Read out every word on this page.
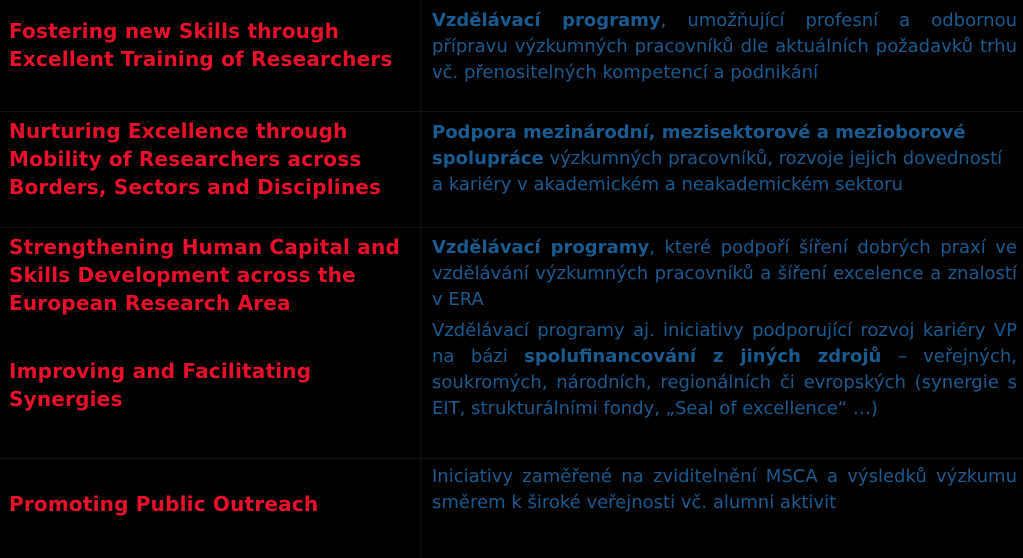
Fostering new Skills through Excellent Training of Researchers

Nurturing Excellence through Mobility of Researchers across Borders, Sectors and Disciplines

Strengthening Human Capital and Skills Development across the European Research Area

Improving and Facilitating Synergies

Promoting Public Outreach

Vzdělávací programy, umožňující profesní a odbornou přípravu výzkumných pracovníků dle aktuálních požadavků trhu vč. přenositelných kompetencí a podnikání

Podpora mezinárodní, mezisektorové a mezioborové spolupráce výzkumných pracovníků, rozvoje jejich dovedností a kariéry v akademickém a neakademickém sektoru

Vzdělávací programy, které podpoří šíření dobrých praxí ve vzdělávání výzkumných pracovníků a šíření excelence a znalostí v ERA

Vzdělávací programy aj. iniciativy podporující rozvoj kariéry VP na bázi spolufinancování z jiných zdrojů – veřejných, soukromých, národních, regionálních či evropských (synergie s EIT, strukturálními fondy, „Seal of excellence“ …)

Iniciativy zaměřené na zviditelnění MSCA a výsledků výzkumu směrem k široké veřejnosti vč. alumni aktivit
